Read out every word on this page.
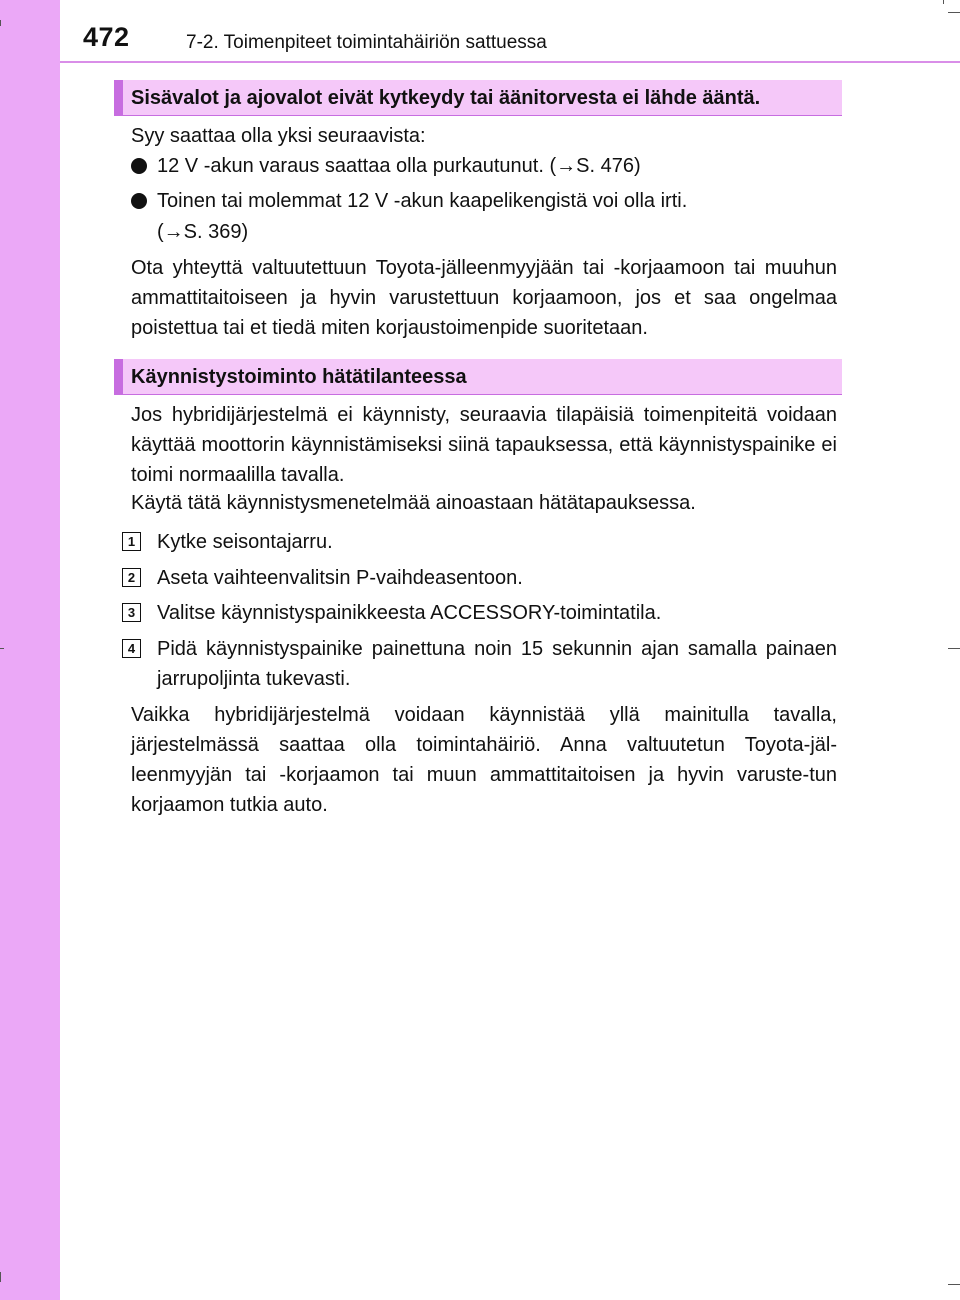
472	7-2. Toimenpiteet toimintahäiriön sattuessa
Sisävalot ja ajovalot eivät kytkeydy tai äänitorvesta ei lähde ääntä.
Syy saattaa olla yksi seuraavista:
12 V -akun varaus saattaa olla purkautunut. (→S. 476)
Toinen tai molemmat 12 V -akun kaapelikengistä voi olla irti.
(→S. 369)
Ota yhteyttä valtuutettuun Toyota-jälleenmyyjään tai -korjaamoon tai muuhun ammattitaitoiseen ja hyvin varustettuun korjaamoon, jos et saa ongelmaa poistettua tai et tiedä miten korjaustoimenpide suoritetaan.
Käynnistystoiminto hätätilanteessa
Jos hybridijärjestelmä ei käynnisty, seuraavia tilapäisiä toimenpiteitä voidaan käyttää moottorin käynnistämiseksi siinä tapauksessa, että käynnistyspainike ei toimi normaalilla tavalla.
Käytä tätä käynnistysmenetelmää ainoastaan hätätapauksessa.
1 Kytke seisontajarru.
2 Aseta vaihteenvalitsin P-vaihdeasentoon.
3 Valitse käynnistyspainikkeesta ACCESSORY-toimintatila.
4 Pidä käynnistyspainike painettuna noin 15 sekunnin ajan samalla painaen jarrupoljinta tukevasti.
Vaikka hybridijärjestelmä voidaan käynnistää yllä mainitulla tavalla, järjestelmässä saattaa olla toimintahäiriö. Anna valtuutetun Toyota-jäl-leenmyyjän tai -korjaamon tai muun ammattitaitoisen ja hyvin varuste-tun korjaamon tutkia auto.
